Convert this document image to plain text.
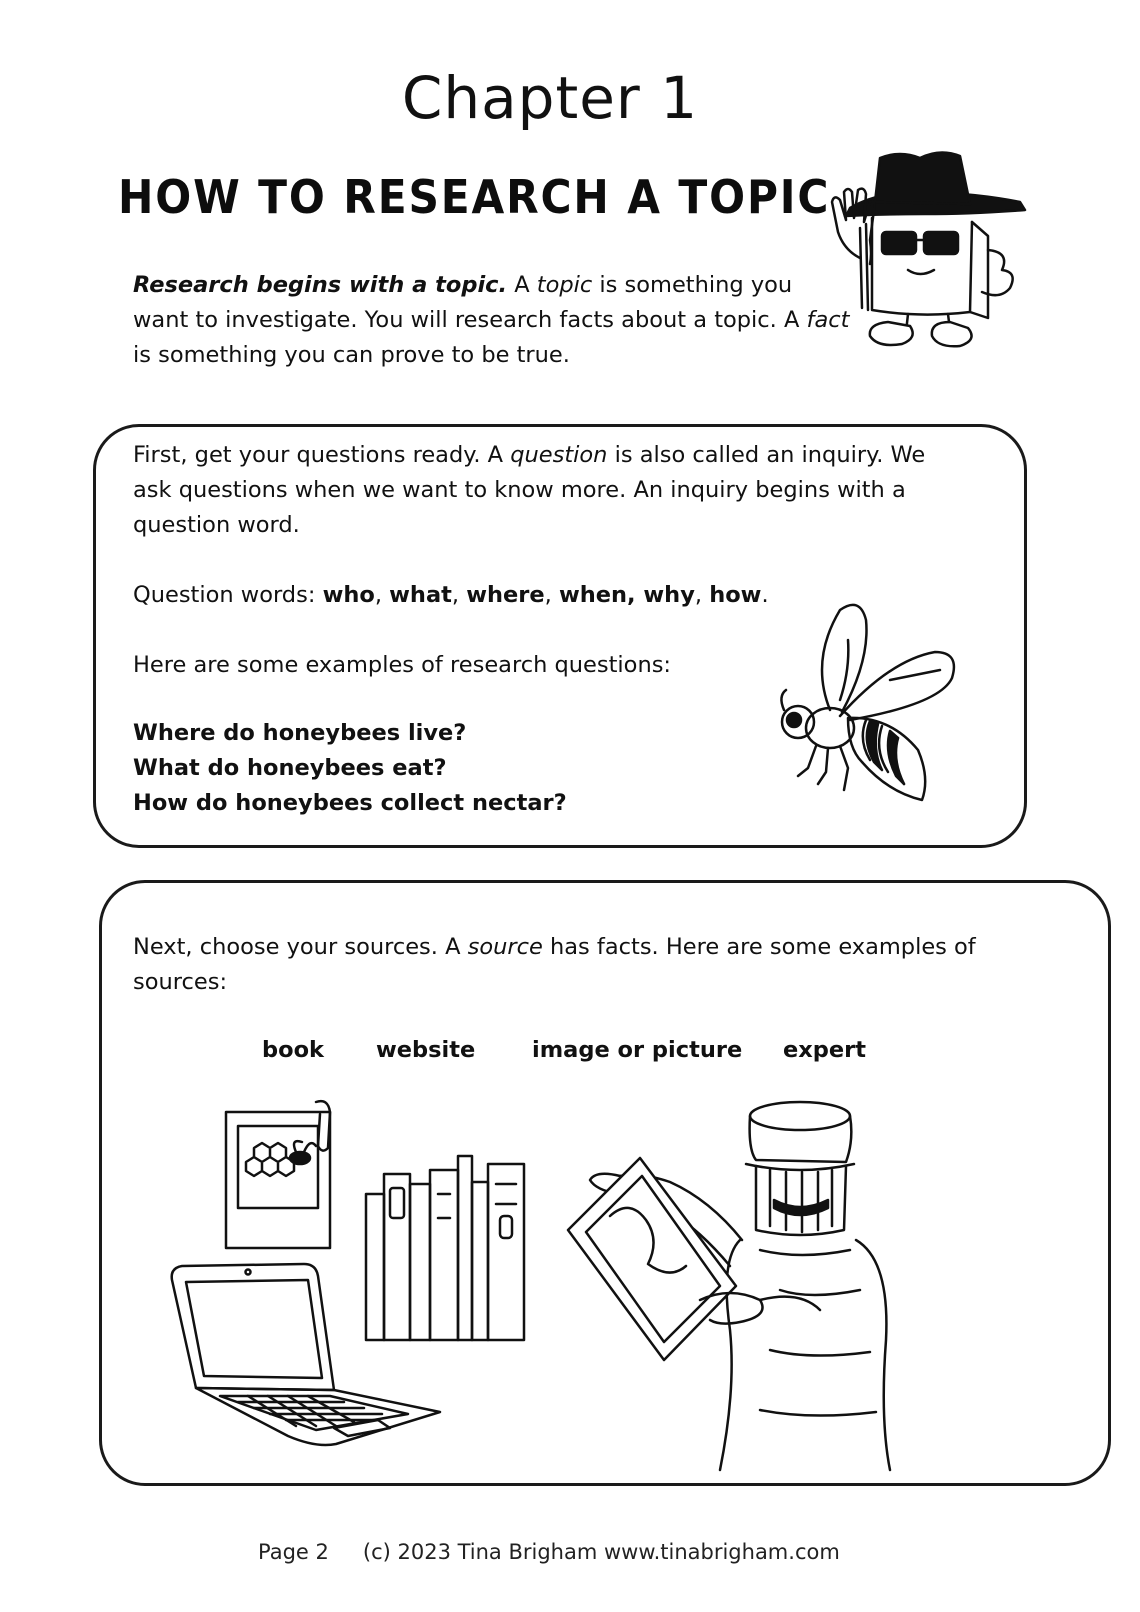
Chapter 1
HOW TO RESEARCH A TOPIC
Research begins with a topic. A topic is something you want to investigate. You will research facts about a topic. A fact is something you can prove to be true.
First, get your questions ready. A question is also called an inquiry. We ask questions when we want to know more. An inquiry begins with a question word.
Question words: who, what, where, when, why, how.
Here are some examples of research questions:
Where do honeybees live?
What do honeybees eat?
How do honeybees collect nectar?
Next, choose your sources. A source has facts. Here are some examples of sources:
book website	image or picture expert
Page 2 (c) 2023 Tina Brigham www.tinabrigham.com
